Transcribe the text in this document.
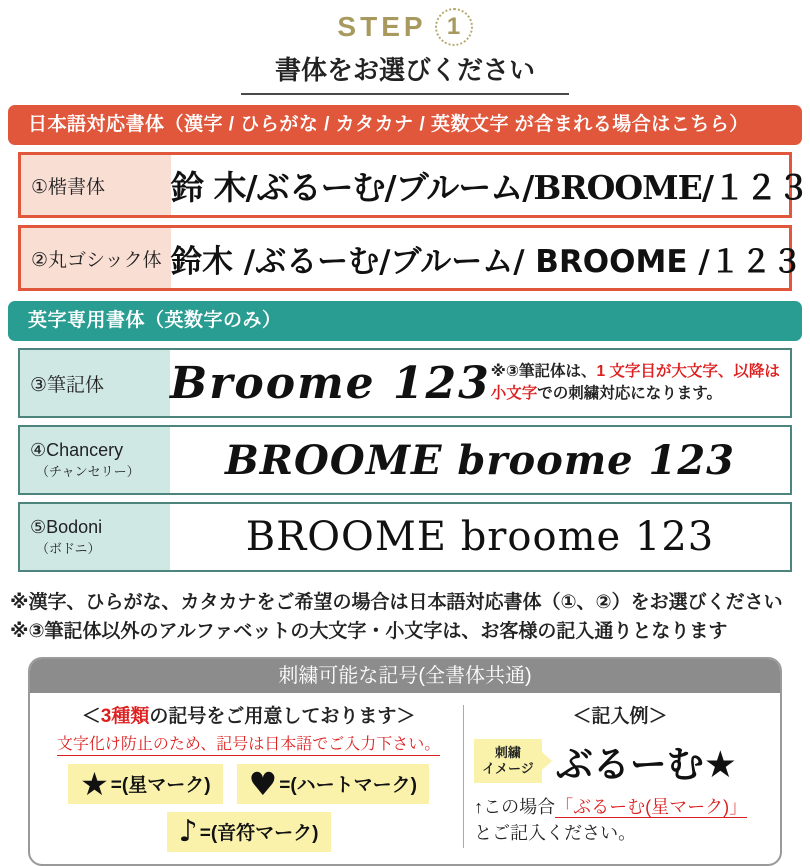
STEP 1
書体をお選びください
日本語対応書体（漢字 / ひらがな / カタカナ / 英数文字 が含まれる場合はこちら）
①楷書体	鈴 木/ぶるーむ/ブルーム/BROOME/１２３
②丸ゴシック体 鈴木 /ぶるーむ/ブルーム/ BROOME /１２３
英字専用書体（英数字のみ）
③筆記体	Broome 123 ※③筆記体は、1 文字目が大文字、以降は小文字での刺繍対応になります。
④Chancery
（チャンセリー）	BROOME broome 123
⑤Bodoni
（ボドニ）	BROOME broome 123

※漢字、ひらがな、カタカナをご希望の場合は日本語対応書体（①、②）をお選びください

※③筆記体以外のアルファベットの大文字・小文字は、お客様の記入通りとなります

刺繍可能な記号(全書体共通)
＜3種類の記号をご用意しております＞
文字化け防止のため、記号は日本語でご入力下さい。
★ =(星マーク) ♥ =(ハートマーク)
♪ =(音符マーク)
＜記入例＞
刺繍
イメージ ぶるーむ★
↑この場合「ぶるーむ(星マーク)」
とご記入ください。
